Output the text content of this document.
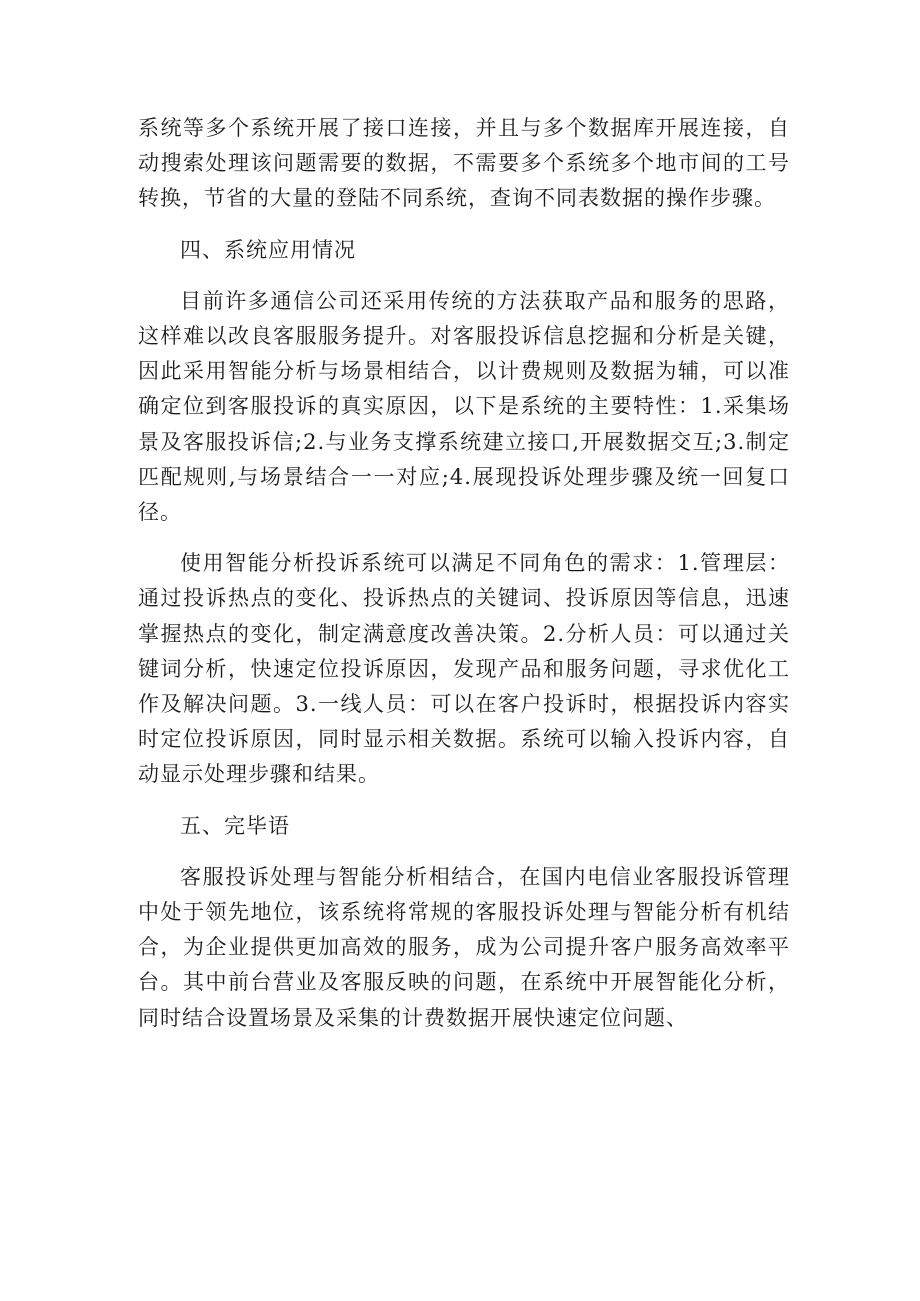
系统等多个系统开展了接口连接，并且与多个数据库开展连接，自动搜索处理该问题需要的数据，不需要多个系统多个地市间的工号转换，节省的大量的登陆不同系统，查询不同表数据的操作步骤。

四、系统应用情况

目前许多通信公司还采用传统的方法获取产品和服务的思路，这样难以改良客服服务提升。对客服投诉信息挖掘和分析是关键，因此采用智能分析与场景相结合，以计费规则及数据为辅，可以准确定位到客服投诉的真实原因，以下是系统的主要特性：1.采集场景及客服投诉信;2.与业务支撑系统建立接口,开展数据交互;3.制定匹配规则,与场景结合一一对应;4.展现投诉处理步骤及统一回复口径。

使用智能分析投诉系统可以满足不同角色的需求：1.管理层：通过投诉热点的变化、投诉热点的关键词、投诉原因等信息，迅速掌握热点的变化，制定满意度改善决策。2.分析人员：可以通过关键词分析，快速定位投诉原因，发现产品和服务问题，寻求优化工作及解决问题。3.一线人员：可以在客户投诉时，根据投诉内容实时定位投诉原因，同时显示相关数据。系统可以输入投诉内容，自动显示处理步骤和结果。

五、完毕语

客服投诉处理与智能分析相结合，在国内电信业客服投诉管理中处于领先地位，该系统将常规的客服投诉处理与智能分析有机结合，为企业提供更加高效的服务，成为公司提升客户服务高效率平台。其中前台营业及客服反映的问题，在系统中开展智能化分析，同时结合设置场景及采集的计费数据开展快速定位问题、
